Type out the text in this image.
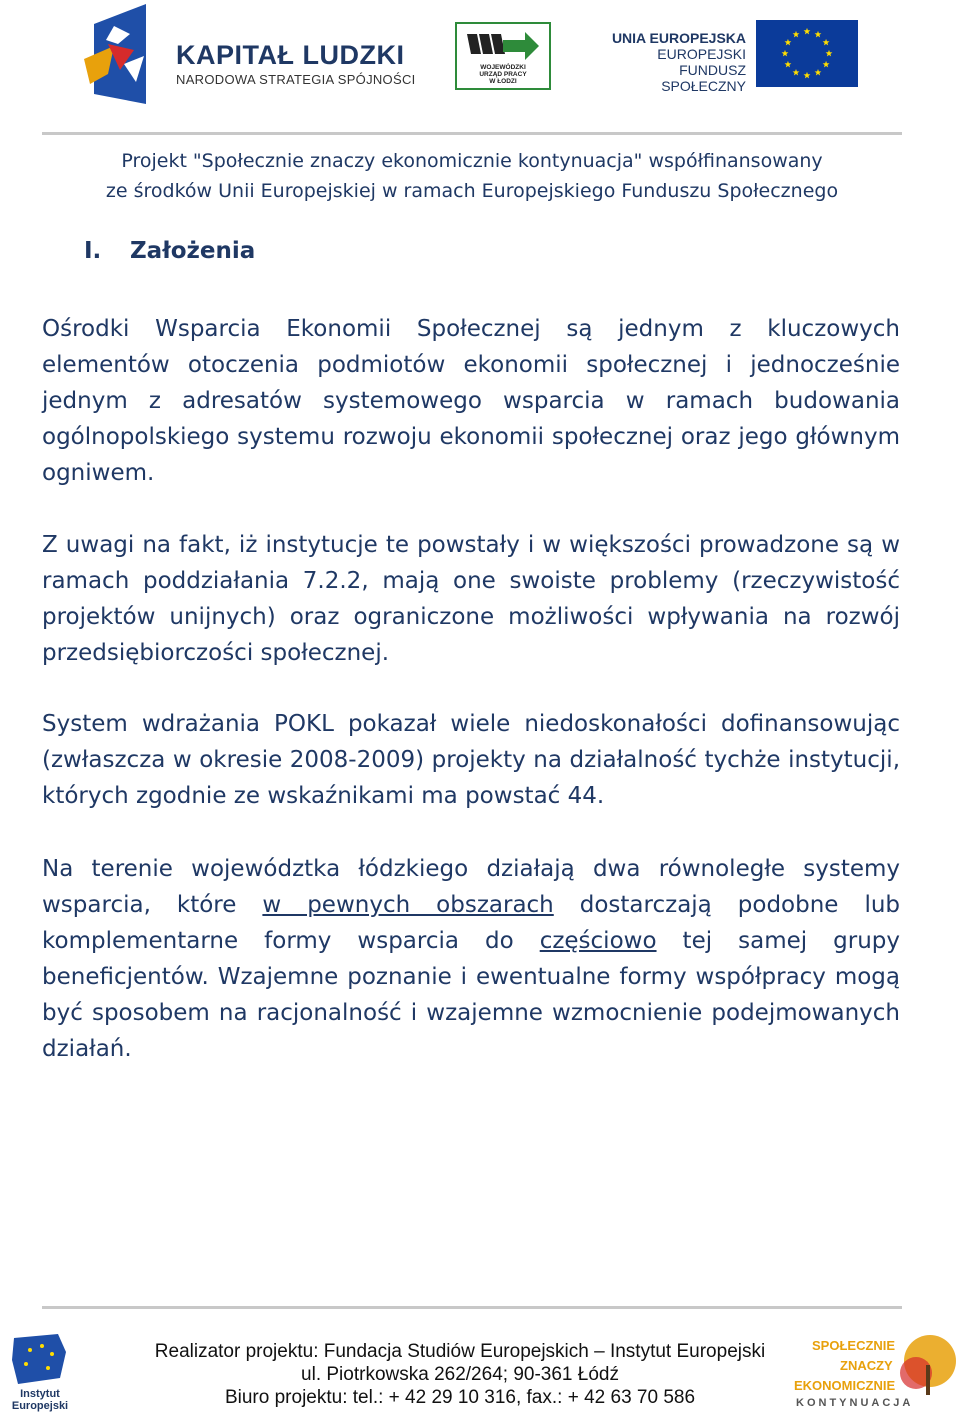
KAPITAŁ LUDZKI
NARODOWA STRATEGIA SPÓJNOŚCI
WOJEWÓDZKI
URZĄD PRACY
W ŁODZI
UNIA EUROPEJSKA
EUROPEJSKI
FUNDUSZ SPOŁECZNY
Projekt "Społecznie znaczy ekonomicznie kontynuacja" współfinansowany
ze środków Unii Europejskiej w ramach Europejskiego Funduszu Społecznego
I. Założenia
Ośrodki Wsparcia Ekonomii Społecznej są jednym z kluczowych elementów otoczenia podmiotów ekonomii społecznej i jednocześnie jednym z adresatów systemowego wsparcia w ramach budowania ogólnopolskiego systemu rozwoju ekonomii społecznej oraz jego głównym ogniwem.
Z uwagi na fakt, iż instytucje te powstały i w większości prowadzone są w ramach poddziałania 7.2.2, mają one swoiste problemy (rzeczywistość projektów unijnych) oraz ograniczone możliwości wpływania na rozwój przedsiębiorczości społecznej.
System wdrażania POKL pokazał wiele niedoskonałości dofinansowując (zwłaszcza w okresie 2008-2009) projekty na działalność tychże instytucji, których zgodnie ze wskaźnikami ma powstać 44.
Na terenie województka łódzkiego działają dwa równoległe systemy wsparcia, które w pewnych obszarach dostarczają podobne lub komplementarne formy wsparcia do częściowo tej samej grupy beneficjentów. Wzajemne poznanie i ewentualne formy współpracy mogą być sposobem na racjonalność i wzajemne wzmocnienie podejmowanych działań.
Instytut
Europejski
Realizator projektu: Fundacja Studiów Europejskich – Instytut Europejski
ul. Piotrkowska 262/264; 90-361 Łódź
Biuro projektu: tel.: + 42 29 10 316, fax.: + 42 63 70 586
SPOŁECZNIE
ZNACZY
EKONOMICZNIE
KONTYNUACJA
